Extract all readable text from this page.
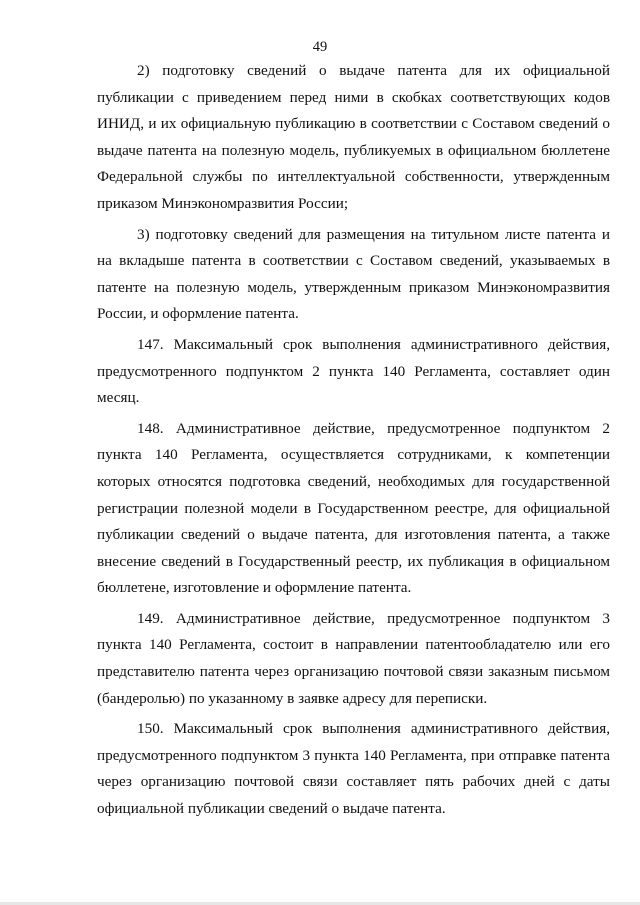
49

2) подготовку сведений о выдаче патента для их официальной публикации с приведением перед ними в скобках соответствующих кодов ИНИД, и их официальную публикацию в соответствии с Составом сведений о выдаче патента на полезную модель, публикуемых в официальном бюллетене Федеральной службы по интеллектуальной собственности, утвержденным приказом Минэкономразвития России;

3) подготовку сведений для размещения на титульном листе патента и на вкладыше патента в соответствии с Составом сведений, указываемых в патенте на полезную модель, утвержденным приказом Минэкономразвития России, и оформление патента.

147. Максимальный срок выполнения административного действия, предусмотренного подпунктом 2 пункта 140 Регламента, составляет один месяц.

148. Административное действие, предусмотренное подпунктом 2 пункта 140 Регламента, осуществляется сотрудниками, к компетенции которых относятся подготовка сведений, необходимых для государственной регистрации полезной модели в Государственном реестре, для официальной публикации сведений о выдаче патента, для изготовления патента, а также внесение сведений в Государственный реестр, их публикация в официальном бюллетене, изготовление и оформление патента.

149. Административное действие, предусмотренное подпунктом 3 пункта 140 Регламента, состоит в направлении патентообладателю или его представителю патента через организацию почтовой связи заказным письмом (бандеролью) по указанному в заявке адресу для переписки.

150. Максимальный срок выполнения административного действия, предусмотренного подпунктом 3 пункта 140 Регламента, при отправке патента через организацию почтовой связи составляет пять рабочих дней с даты официальной публикации сведений о выдаче патента.
